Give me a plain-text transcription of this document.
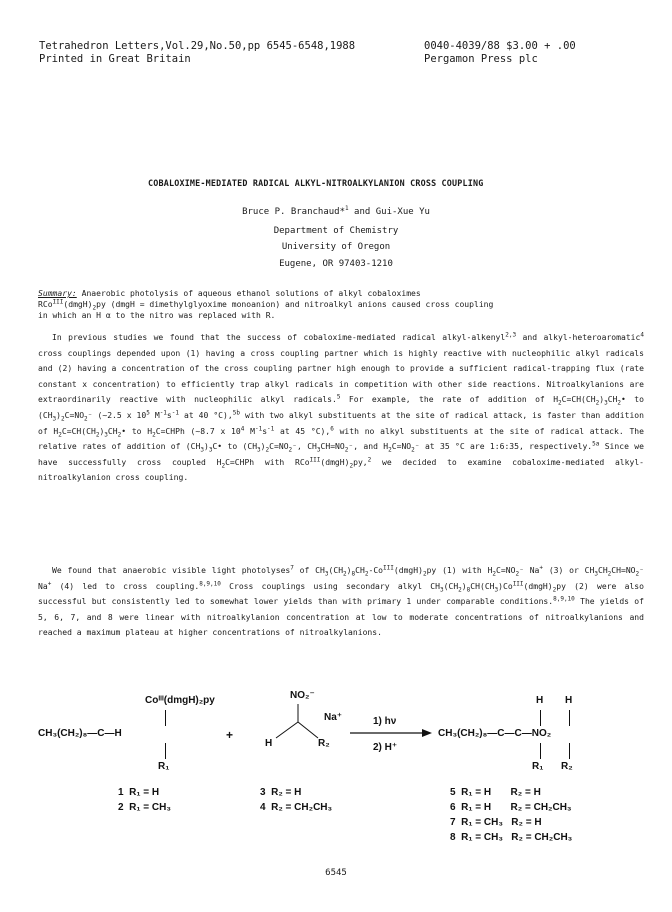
Tetrahedron Letters,Vol.29,No.50,pp 6545-6548,1988
Printed in Great Britain
0040-4039/88 $3.00 + .00
Pergamon Press plc
COBALOXIME-MEDIATED RADICAL ALKYL-NITROALKYLANION CROSS COUPLING
Bruce P. Branchaud*$^1$ and Gui-Xue Yu
Department of Chemistry
University of Oregon
Eugene, OR 97403-1210
Summary: Anaerobic photolysis of aqueous ethanol solutions of alkyl cobaloximes
$RCo^{III}(dmgH)_2py$ (dmgH = dimethylglyoxime monoanion) and nitroalkyl anions caused cross coupling
in which an H α to the nitro was replaced with R.

In previous studies we found that the success of cobaloxime-mediated radical alkyl-alkenyl$^{2,3}$ and alkyl-heteroaromatic$^4$ cross couplings depended upon (1) having a cross coupling partner which is highly reactive with nucleophilic alkyl radicals and (2) having a concentration of the cross coupling partner high enough to provide a sufficient radical-trapping flux (rate constant x concentration) to efficiently trap alkyl radicals in competition with other side reactions. Nitroalkylanions are extraordinarily reactive with nucleophilic alkyl radicals.$^5$ For example, the rate of addition of $H_2C=CH(CH_2)_3CH_2•$ to $(CH_3)_2C=NO_2^-$ (~2.5 x $10^5$ $M^{-1}s^{-1}$ at 40 °C),$^{5b}$ with two alkyl substituents at the site of radical attack, is faster than addition of $H_2C=CH(CH_2)_3CH_2•$ to $H_2C=CHPh$ (~8.7 x $10^4$ $M^{-1}s^{-1}$ at 45 °C),$^6$ with no alkyl substituents at the site of radical attack. The relative rates of addition of $(CH_3)_3C•$ to $(CH_3)_2C=NO_2^-$, $CH_3CH=NO_2^-$, and $H_2C=NO_2^-$ at 35 °C are 1:6:35, respectively.$^{5a}$ Since we have successfully cross coupled $H_2C=CHPh$ with $RCo^{III}(dmgH)_2py,^2$ we decided to examine cobaloxime-mediated alkyl-nitroalkylanion cross coupling.

We found that anaerobic visible light photolyses$^7$ of $CH_3(CH_2)_8CH_2-Co^{III}(dmgH)_2py$ (1) with $H_2C=NO_2^-$ Na+ (3) or $CH_3CH_2CH=NO_2^-$ Na+ (4) led to cross coupling.$^{8,9,10}$ Cross couplings using secondary alkyl $CH_3(CH_2)_8CH(CH_3)Co^{III}(dmgH)_2py$ (2) were also successful but consistently led to somewhat lower yields than with primary 1 under comparable conditions.$^{8,9,10}$ The yields of 5, 6, 7, and 8 were linear with nitroalkylanion concentration at low to moderate concentrations of nitroalkylanions and reached a maximum plateau at higher concentrations of nitroalkylanions.

Coᴵᴵᴵ(dmgH)₂py
CH₃(CH₂)₈—C—H
R₁
+
NO₂⁻
Na⁺
H	R₂
1) hν
2) H⁺
H H
CH₃(CH₂)₈—C—C—NO₂
R₁ R₂
1  R₁ = H
2  R₁ = CH₃
3  R₂ = H
4  R₂ = CH₂CH₃
5  R₁ = H       R₂ = H
6  R₁ = H       R₂ = CH₂CH₃
7  R₁ = CH₃   R₂ = H
8  R₁ = CH₃   R₂ = CH₂CH₃
6545
